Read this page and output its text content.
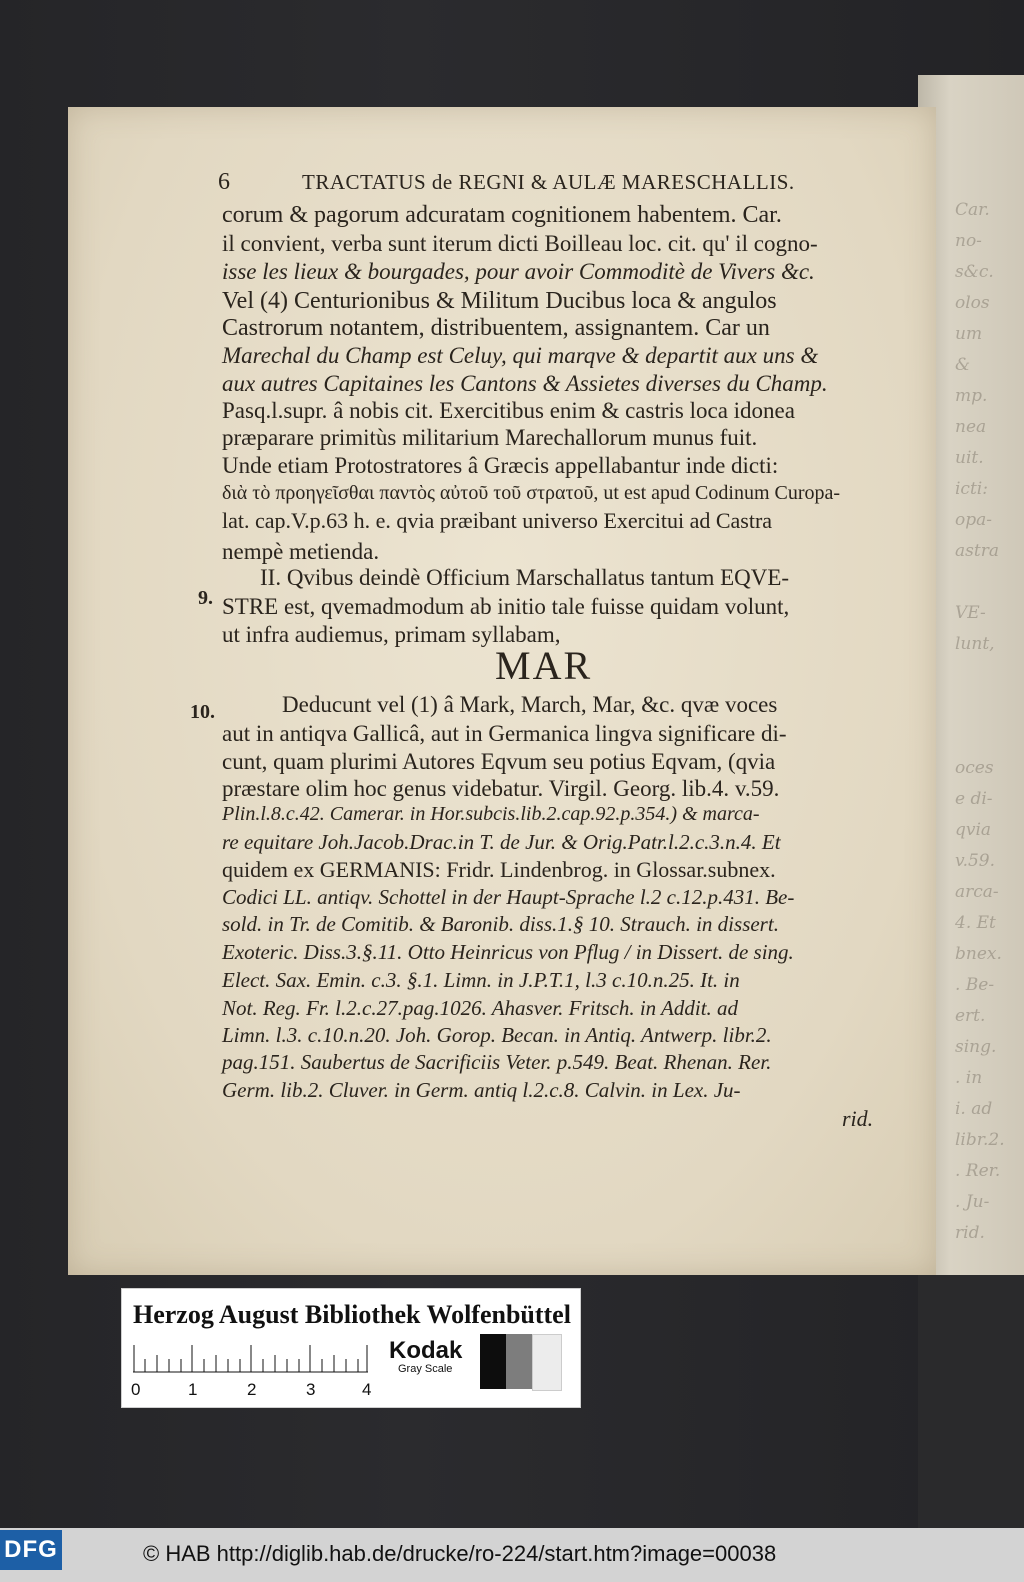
Car.
no-
s&c.
olos
um
&
mp.
nea
uit.
icti:
opa-
astra

VE-
lunt,

oces
e di-
qvia
v.59.
arca-
4. Et
bnex.
. Be-
ert.
sing.
. in
i. ad
libr.2.
. Rer.
. Ju-
rid.
6	TRACTATUS de REGNI & AULÆ MARESCHALLIS.
corum & pagorum adcuratam cognitionem habentem. Car.
il convient, verba sunt iterum dicti Boilleau loc. cit. qu' il cogno-
isse les lieux & bourgades, pour avoir Commoditè de Vivers &c.
Vel (4) Centurionibus & Militum Ducibus loca & angulos
Castrorum notantem, distribuentem, assignantem. Car un
Marechal du Champ est Celuy, qui marqve & departit aux uns &
aux autres Capitaines les Cantons & Assietes diverses du Champ.
Pasq.l.supr. â nobis cit. Exercitibus enim & castris loca idonea
præparare primitùs militarium Marechallorum munus fuit.
Unde etiam Protostratores â Græcis appellabantur inde dicti:
διὰ τὸ προηγεῖσθαι παντὸς αὐτοῦ τοῦ στρατοῦ, ut est apud Codinum Curopa-
lat. cap.V.p.63 h. e. qvia præibant universo Exercitui ad Castra
nempè metienda.
9.
II. Qvibus deindè Officium Marschallatus tantum EQVE-
STRE est, qvemadmodum ab initio tale fuisse quidam volunt,
ut infra audiemus, primam syllabam,
MAR
10.	Deducunt vel (1) â Mark, March, Mar, &c. qvæ voces
aut in antiqva Gallicâ, aut in Germanica lingva significare di-
cunt, quam plurimi Autores Eqvum seu potius Eqvam, (qvia
præstare olim hoc genus videbatur. Virgil. Georg. lib.4. v.59.
Plin.l.8.c.42. Camerar. in Hor.subcis.lib.2.cap.92.p.354.) & marca-
re equitare Joh.Jacob.Drac.in T. de Jur. & Orig.Patr.l.2.c.3.n.4. Et
quidem ex GERMANIS: Fridr. Lindenbrog. in Glossar.subnex.
Codici LL. antiqv. Schottel in der Haupt-Sprache l.2 c.12.p.431. Be-
sold. in Tr. de Comitib. & Baronib. diss.1.§ 10. Strauch. in dissert.
Exoteric. Diss.3.§.11. Otto Heinricus von Pflug / in Dissert. de sing.
Elect. Sax. Emin. c.3. §.1. Limn. in J.P.T.1, l.3 c.10.n.25. It. in
Not. Reg. Fr. l.2.c.27.pag.1026. Ahasver. Fritsch. in Addit. ad
Limn. l.3. c.10.n.20. Joh. Gorop. Becan. in Antiq. Antwerp. libr.2.
pag.151. Saubertus de Sacrificiis Veter. p.549. Beat. Rhenan. Rer.
Germ. lib.2. Cluver. in Germ. antiq l.2.c.8. Calvin. in Lex. Ju-
rid.
Herzog August Bibliothek Wolfenbüttel
0	1	2	3	4
Kodak
Gray Scale
DFG	© HAB http://diglib.hab.de/drucke/ro-224/start.htm?image=00038
